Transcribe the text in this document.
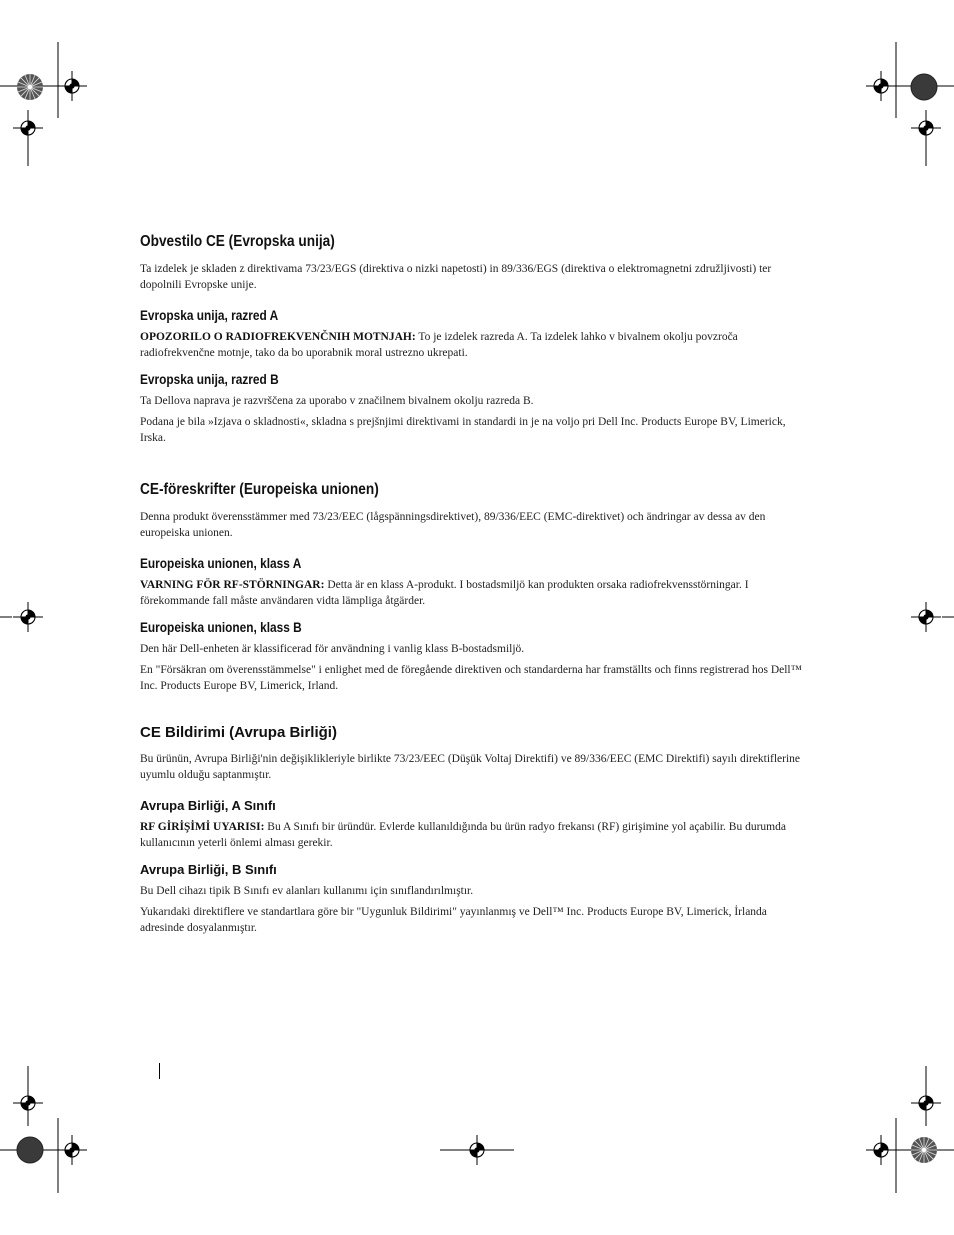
Obvestilo CE (Evropska unija)

Ta izdelek je skladen z direktivama 73/23/EGS (direktiva o nizki napetosti) in 89/336/EGS (direktiva o elektromagnetni združljivosti) ter dopolnili Evropske unije.

Evropska unija, razred A

OPOZORILO O RADIOFREKVENČNIH MOTNJAH: To je izdelek razreda A. Ta izdelek lahko v bivalnem okolju povzroča radiofrekvenčne motnje, tako da bo uporabnik moral ustrezno ukrepati.

Evropska unija, razred B

Ta Dellova naprava je razvrščena za uporabo v značilnem bivalnem okolju razreda B.

Podana je bila »Izjava o skladnosti«, skladna s prejšnjimi direktivami in standardi in je na voljo pri Dell Inc. Products Europe BV, Limerick, Irska.

CE-föreskrifter (Europeiska unionen)

Denna produkt överensstämmer med 73/23/EEC (lågspänningsdirektivet), 89/336/EEC (EMC-direktivet) och ändringar av dessa av den europeiska unionen.

Europeiska unionen, klass A

VARNING FÖR RF-STÖRNINGAR: Detta är en klass A-produkt. I bostadsmiljö kan produkten orsaka radiofrekvensstörningar. I förekommande fall måste användaren vidta lämpliga åtgärder.

Europeiska unionen, klass B

Den här Dell-enheten är klassificerad för användning i vanlig klass B-bostadsmiljö.

En "Försäkran om överensstämmelse" i enlighet med de föregående direktiven och standarderna har framställts och finns registrerad hos Dell™ Inc. Products Europe BV, Limerick, Irland.

CE Bildirimi (Avrupa Birliği)

Bu ürünün, Avrupa Birliği'nin değişiklikleriyle birlikte 73/23/EEC (Düşük Voltaj Direktifi) ve 89/336/EEC (EMC Direktifi) sayılı direktiflerine uyumlu olduğu saptanmıştır.

Avrupa Birliği, A Sınıfı

RF GİRİŞİMİ UYARISI: Bu A Sınıfı bir üründür. Evlerde kullanıldığında bu ürün radyo frekansı (RF) girişimine yol açabilir. Bu durumda kullanıcının yeterli önlemi alması gerekir.

Avrupa Birliği, B Sınıfı

Bu Dell cihazı tipik B Sınıfı ev alanları kullanımı için sınıflandırılmıştır.

Yukarıdaki direktiflere ve standartlara göre bir "Uygunluk Bildirimi" yayınlanmış ve Dell™ Inc. Products Europe BV, Limerick, İrlanda adresinde dosyalanmıştır.
